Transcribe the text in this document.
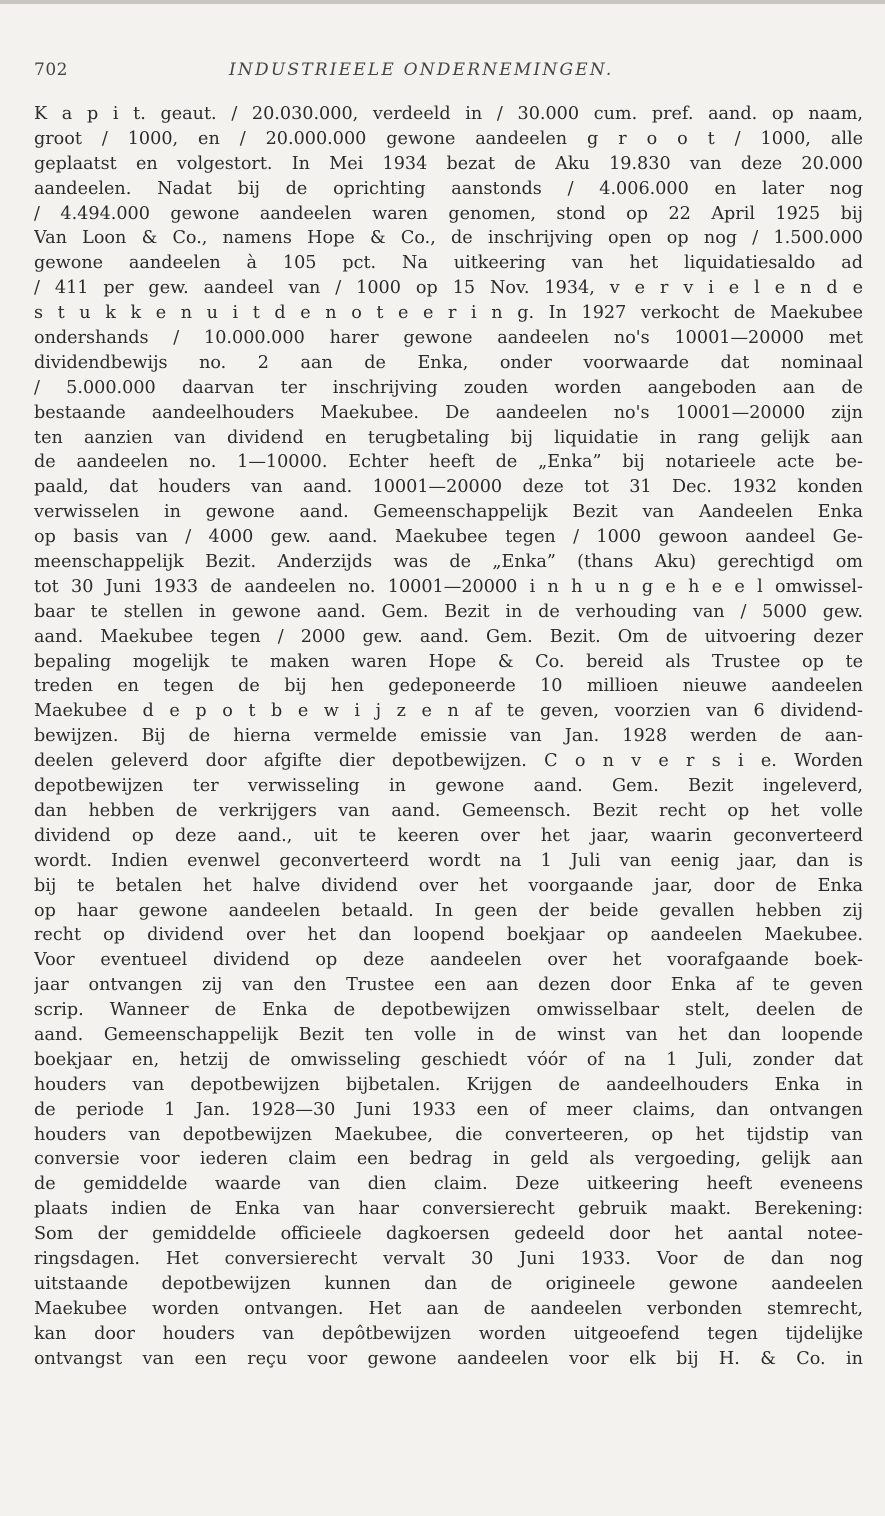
702	INDUSTRIEELE ONDERNEMINGEN.
K a p i t. geaut. / 20.030.000, verdeeld in / 30.000 cum. pref. aand. op naam,
groot / 1000, en / 20.000.000 gewone aandeelen g r o o t / 1000, alle
geplaatst en volgestort. In Mei 1934 bezat de Aku 19.830 van deze 20.000
aandeelen. Nadat bij de oprichting aanstonds / 4.006.000 en later nog
/ 4.494.000 gewone aandeelen waren genomen, stond op 22 April 1925 bij
Van Loon & Co., namens Hope & Co., de inschrijving open op nog / 1.500.000
gewone aandeelen à 105 pct. Na uitkeering van het liquidatiesaldo ad
/ 411 per gew. aandeel van / 1000 op 15 Nov. 1934, v e r v i e l e n d e
s t u k k e n u i t d e n o t e e r i n g. In 1927 verkocht de Maekubee
ondershands / 10.000.000 harer gewone aandeelen no's 10001—20000 met
dividendbewijs no. 2 aan de Enka, onder voorwaarde dat nominaal
/ 5.000.000 daarvan ter inschrijving zouden worden aangeboden aan de
bestaande aandeelhouders Maekubee. De aandeelen no's 10001—20000 zijn
ten aanzien van dividend en terugbetaling bij liquidatie in rang gelijk aan
de aandeelen no. 1—10000. Echter heeft de „Enka” bij notarieele acte be-
paald, dat houders van aand. 10001—20000 deze tot 31 Dec. 1932 konden
verwisselen in gewone aand. Gemeenschappelijk Bezit van Aandeelen Enka
op basis van / 4000 gew. aand. Maekubee tegen / 1000 gewoon aandeel Ge-
meenschappelijk Bezit. Anderzijds was de „Enka” (thans Aku) gerechtigd om
tot 30 Juni 1933 de aandeelen no. 10001—20000 i n h u n g e h e e l omwissel-
baar te stellen in gewone aand. Gem. Bezit in de verhouding van / 5000 gew.
aand. Maekubee tegen / 2000 gew. aand. Gem. Bezit. Om de uitvoering dezer
bepaling mogelijk te maken waren Hope & Co. bereid als Trustee op te
treden en tegen de bij hen gedeponeerde 10 millioen nieuwe aandeelen
Maekubee d e p o t b e w i j z e n af te geven, voorzien van 6 dividend-
bewijzen. Bij de hierna vermelde emissie van Jan. 1928 werden de aan-
deelen geleverd door afgifte dier depotbewijzen. C o n v e r s i e. Worden
depotbewijzen ter verwisseling in gewone aand. Gem. Bezit ingeleverd,
dan hebben de verkrijgers van aand. Gemeensch. Bezit recht op het volle
dividend op deze aand., uit te keeren over het jaar, waarin geconverteerd
wordt. Indien evenwel geconverteerd wordt na 1 Juli van eenig jaar, dan is
bij te betalen het halve dividend over het voorgaande jaar, door de Enka
op haar gewone aandeelen betaald. In geen der beide gevallen hebben zij
recht op dividend over het dan loopend boekjaar op aandeelen Maekubee.
Voor eventueel dividend op deze aandeelen over het voorafgaande boek-
jaar ontvangen zij van den Trustee een aan dezen door Enka af te geven
scrip. Wanneer de Enka de depotbewijzen omwisselbaar stelt, deelen de
aand. Gemeenschappelijk Bezit ten volle in de winst van het dan loopende
boekjaar en, hetzij de omwisseling geschiedt vóór of na 1 Juli, zonder dat
houders van depotbewijzen bijbetalen. Krijgen de aandeelhouders Enka in
de periode 1 Jan. 1928—30 Juni 1933 een of meer claims, dan ontvangen
houders van depotbewijzen Maekubee, die converteeren, op het tijdstip van
conversie voor iederen claim een bedrag in geld als vergoeding, gelijk aan
de gemiddelde waarde van dien claim. Deze uitkeering heeft eveneens
plaats indien de Enka van haar conversierecht gebruik maakt. Berekening:
Som der gemiddelde officieele dagkoersen gedeeld door het aantal notee-
ringsdagen. Het conversierecht vervalt 30 Juni 1933. Voor de dan nog
uitstaande depotbewijzen kunnen dan de origineele gewone aandeelen
Maekubee worden ontvangen. Het aan de aandeelen verbonden stemrecht,
kan door houders van depôtbewijzen worden uitgeoefend tegen tijdelijke
ontvangst van een reçu voor gewone aandeelen voor elk bij H. & Co. in
